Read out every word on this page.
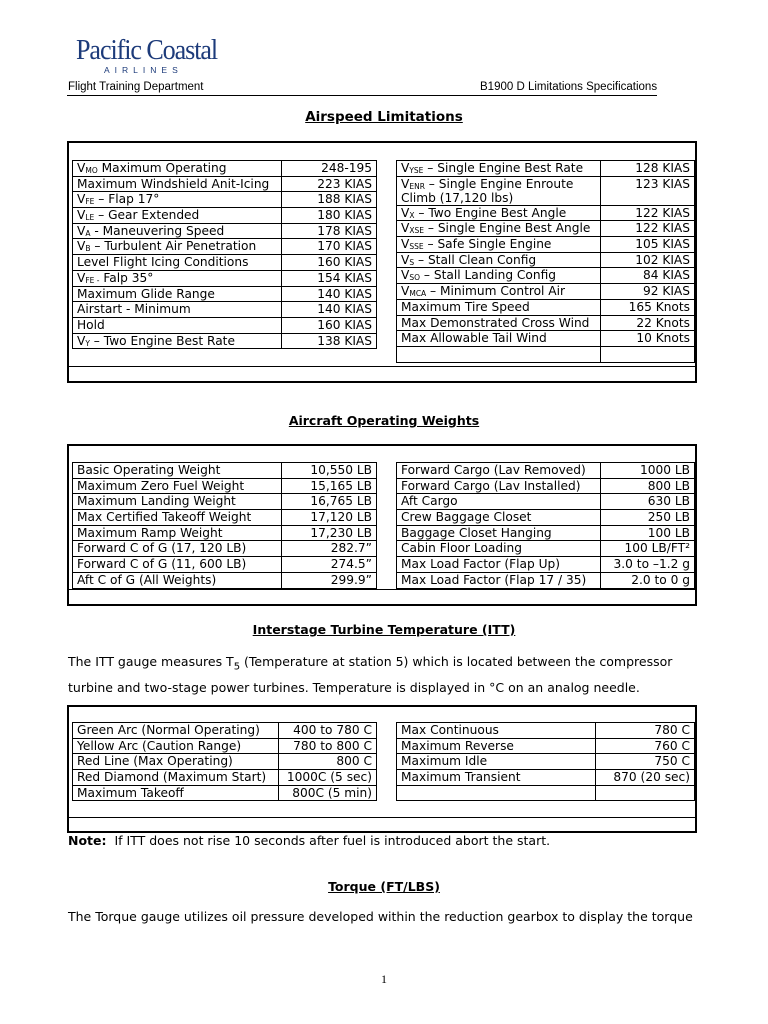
Pacific Coastal
AIRLINES
Flight Training Department	B1900 D Limitations Specifications
Airspeed Limitations
$V_{MO}$ Maximum Operating	248-195
Maximum Windshield Anit-Icing	223 KIAS
$V_{FE}$ – Flap 17°	188 KIAS
$V_{LE}$ – Gear Extended	180 KIAS
$V_A$ - Maneuvering Speed	178 KIAS
$V_B$ – Turbulent Air Penetration	170 KIAS
Level Flight Icing Conditions	160 KIAS
$V_{FE -}$ Falp 35°	154 KIAS
Maximum Glide Range	140 KIAS
Airstart - Minimum	140 KIAS
Hold	160 KIAS
$V_Y$ – Two Engine Best Rate	138 KIAS
$V_{YSE}$ – Single Engine Best Rate	128 KIAS
$V_{ENR}$ – Single Engine Enroute Climb (17,120 lbs)	123 KIAS
$V_X$ – Two Engine Best Angle	122 KIAS
$V_{XSE}$ – Single Engine Best Angle	122 KIAS
$V_{SSE}$ – Safe Single Engine	105 KIAS
$V_S$ – Stall Clean Config	102 KIAS
$V_{SO}$ – Stall Landing Config	84 KIAS
$V_{MCA}$ – Minimum Control Air	92 KIAS
Maximum Tire Speed	165 Knots
Max Demonstrated Cross Wind	22 Knots
Max Allowable Tail Wind	10 Knots

Aircraft Operating Weights
Basic Operating Weight	10,550 LB
Maximum Zero Fuel Weight	15,165 LB
Maximum Landing Weight	16,765 LB
Max Certified Takeoff Weight	17,120 LB
Maximum Ramp Weight	17,230 LB
Forward C of G (17, 120 LB)	282.7”
Forward C of G (11, 600 LB)	274.5”
Aft C of G (All Weights)	299.9”
Forward Cargo (Lav Removed)	1000 LB
Forward Cargo (Lav Installed)	800 LB
Aft Cargo	630 LB
Crew Baggage Closet	250 LB
Baggage Closet Hanging	100 LB
Cabin Floor Loading	100 LB/FT²
Max Load Factor (Flap Up)	3.0 to –1.2 g
Max Load Factor (Flap 17 / 35)	2.0 to 0 g
Interstage Turbine Temperature (ITT)
The ITT gauge measures $T_5$ (Temperature at station 5) which is located between the compressor turbine and two-stage power turbines. Temperature is displayed in °C on an analog needle.
Green Arc (Normal Operating)	400 to 780 C
Yellow Arc (Caution Range)	780 to 800 C
Red Line (Max Operating)	800 C
Red Diamond (Maximum Start)	1000C (5 sec)
Maximum Takeoff	800C (5 min)
Max Continuous	780 C
Maximum Reverse	760 C
Maximum Idle	750 C
Maximum Transient	870 (20 sec)

Note:  If ITT does not rise 10 seconds after fuel is introduced abort the start.
Torque (FT/LBS)
The Torque gauge utilizes oil pressure developed within the reduction gearbox to display the torque
1
